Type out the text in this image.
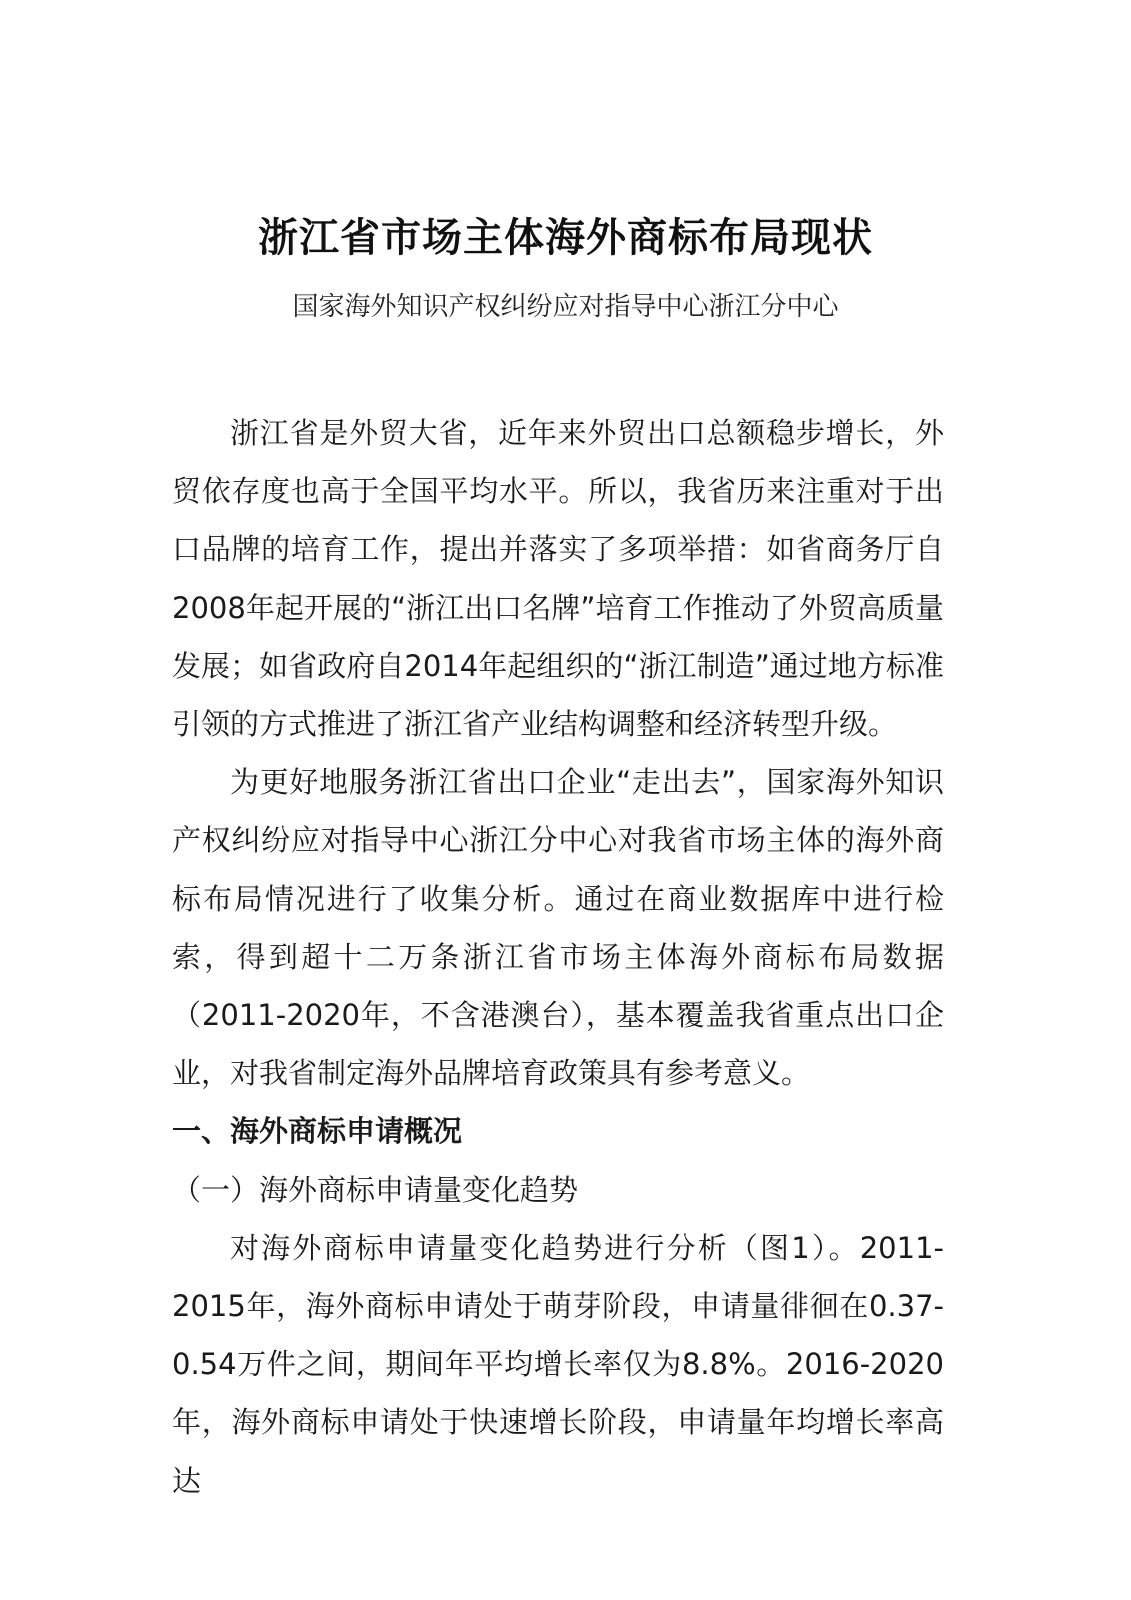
浙江省市场主体海外商标布局现状

国家海外知识产权纠纷应对指导中心浙江分中心

浙江省是外贸大省，近年来外贸出口总额稳步增长，外贸依存度也高于全国平均水平。所以，我省历来注重对于出口品牌的培育工作，提出并落实了多项举措：如省商务厅自2008年起开展的“浙江出口名牌”培育工作推动了外贸高质量发展；如省政府自2014年起组织的“浙江制造”通过地方标准引领的方式推进了浙江省产业结构调整和经济转型升级。

为更好地服务浙江省出口企业“走出去”，国家海外知识产权纠纷应对指导中心浙江分中心对我省市场主体的海外商标布局情况进行了收集分析。通过在商业数据库中进行检索，得到超十二万条浙江省市场主体海外商标布局数据（2011-2020年，不含港澳台），基本覆盖我省重点出口企业，对我省制定海外品牌培育政策具有参考意义。

一、海外商标申请概况

（一）海外商标申请量变化趋势

对海外商标申请量变化趋势进行分析（图1）。2011-2015年，海外商标申请处于萌芽阶段，申请量徘徊在0.37-0.54万件之间，期间年平均增长率仅为8.8%。2016-2020年，海外商标申请处于快速增长阶段，申请量年均增长率高达
